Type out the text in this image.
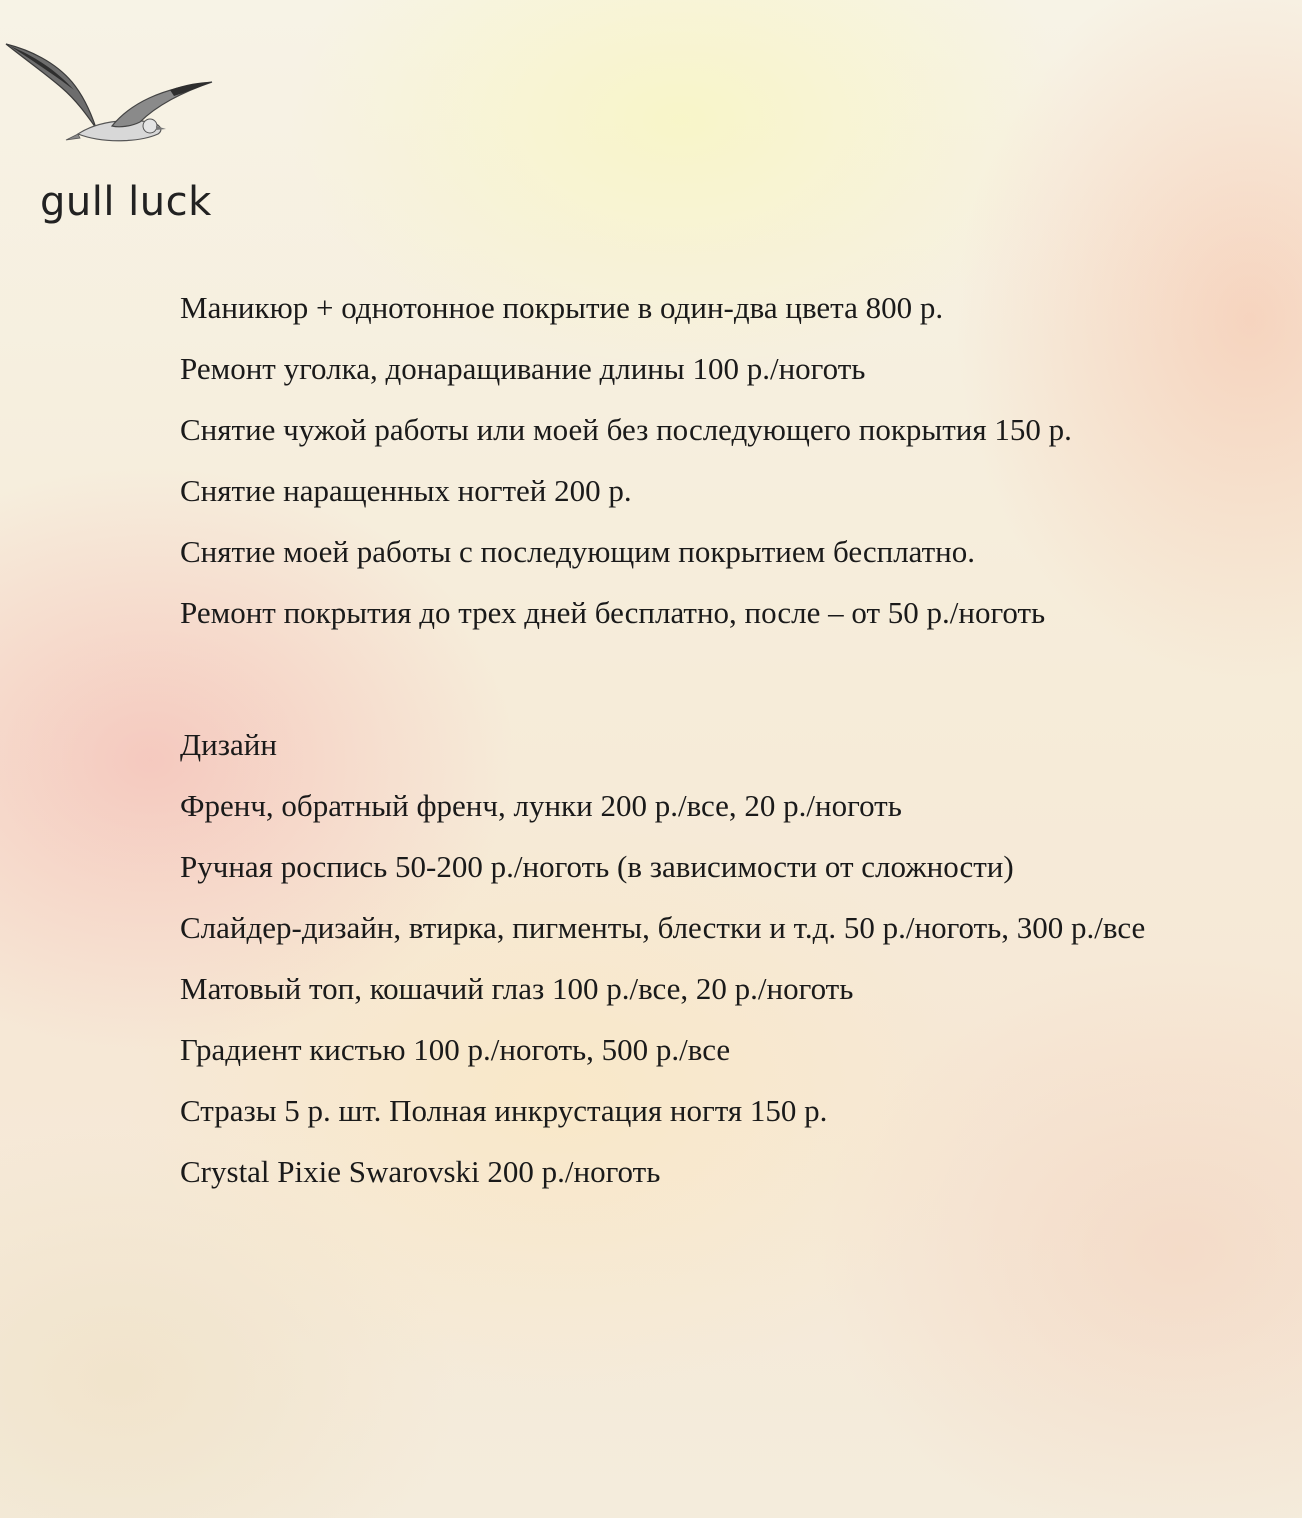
gull luck
Маникюр + однотонное покрытие в один-два цвета 800 р.
Ремонт уголка, донаращивание длины 100 р./ноготь
Снятие чужой работы или моей без последующего покрытия 150 р.
Снятие наращенных ногтей 200 р.
Снятие моей работы с последующим покрытием бесплатно.
Ремонт покрытия до трех дней бесплатно, после – от 50 р./ноготь
Дизайн
Френч, обратный френч, лунки 200 р./все, 20 р./ноготь
Ручная роспись 50-200 р./ноготь (в зависимости от сложности)
Слайдер-дизайн, втирка, пигменты, блестки и т.д. 50 р./ноготь, 300 р./все
Матовый топ, кошачий глаз 100 р./все, 20 р./ноготь
Градиент кистью 100 р./ноготь, 500 р./все
Стразы 5 р. шт. Полная инкрустация ногтя 150 р.
Crystal Pixie Swarovski 200 р./ноготь
